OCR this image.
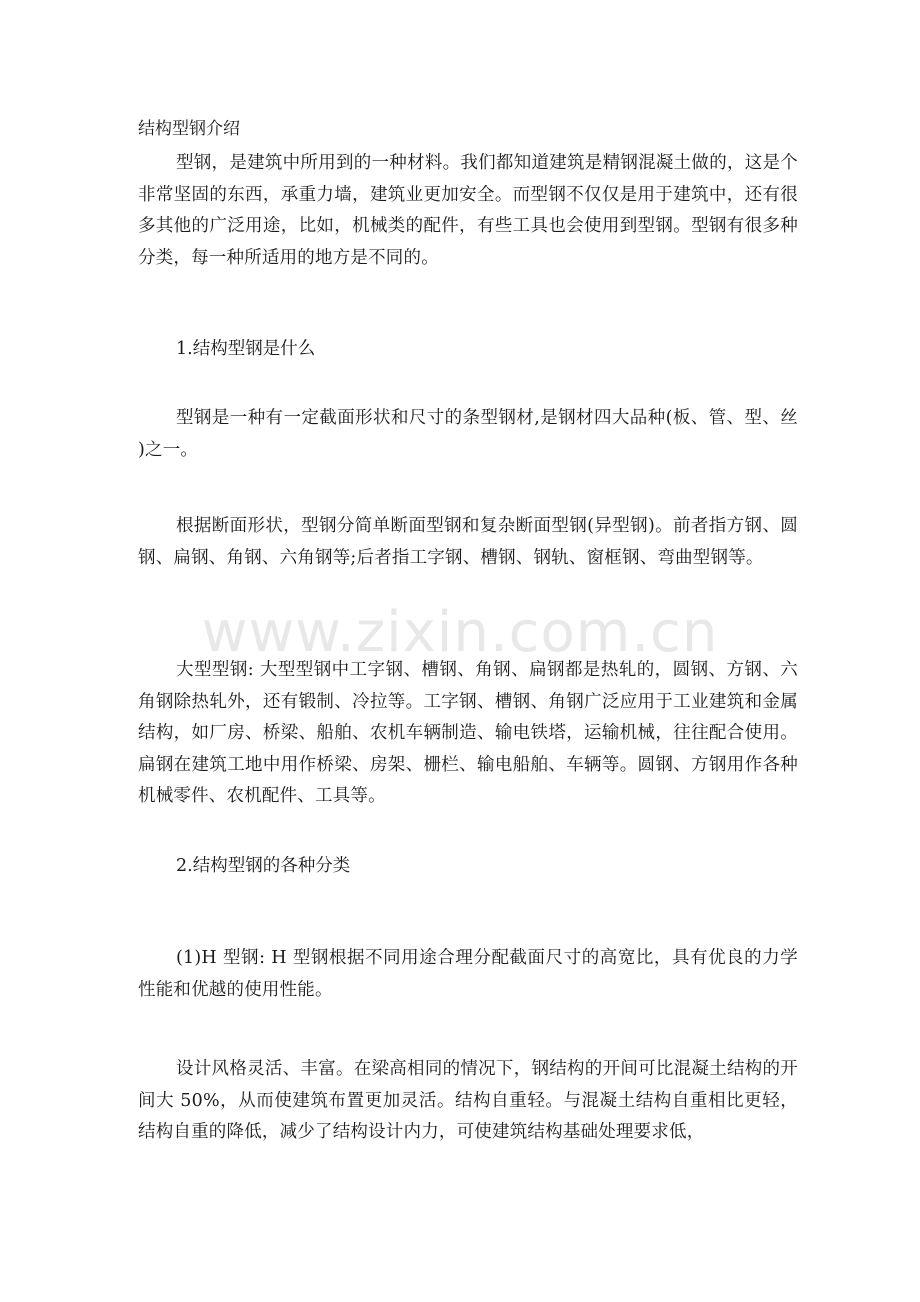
www.zixin.com.cn
结构型钢介绍

型钢，是建筑中所用到的一种材料。我们都知道建筑是精钢混凝土做的，这是个非常坚固的东西，承重力墙，建筑业更加安全。而型钢不仅仅是用于建筑中，还有很多其他的广泛用途，比如，机械类的配件，有些工具也会使用到型钢。型钢有很多种分类，每一种所适用的地方是不同的。

1.结构型钢是什么

型钢是一种有一定截面形状和尺寸的条型钢材,是钢材四大品种(板、管、型、丝 )之一。

根据断面形状，型钢分简单断面型钢和复杂断面型钢(异型钢)。前者指方钢、圆钢、扁钢、角钢、六角钢等;后者指工字钢、槽钢、钢轨、窗框钢、弯曲型钢等。

大型型钢: 大型型钢中工字钢、槽钢、角钢、扁钢都是热轧的，圆钢、方钢、六角钢除热轧外，还有锻制、冷拉等。工字钢、槽钢、角钢广泛应用于工业建筑和金属结构，如厂房、桥梁、船舶、农机车辆制造、输电铁塔，运输机械，往往配合使用。扁钢在建筑工地中用作桥梁、房架、栅栏、输电船舶、车辆等。圆钢、方钢用作各种机械零件、农机配件、工具等。

2.结构型钢的各种分类

(1)H 型钢: H 型钢根据不同用途合理分配截面尺寸的高宽比，具有优良的力学性能和优越的使用性能。

设计风格灵活、丰富。在梁高相同的情况下，钢结构的开间可比混凝土结构的开间大 50%，从而使建筑布置更加灵活。结构自重轻。与混凝土结构自重相比更轻，结构自重的降低，减少了结构设计内力，可使建筑结构基础处理要求低，
